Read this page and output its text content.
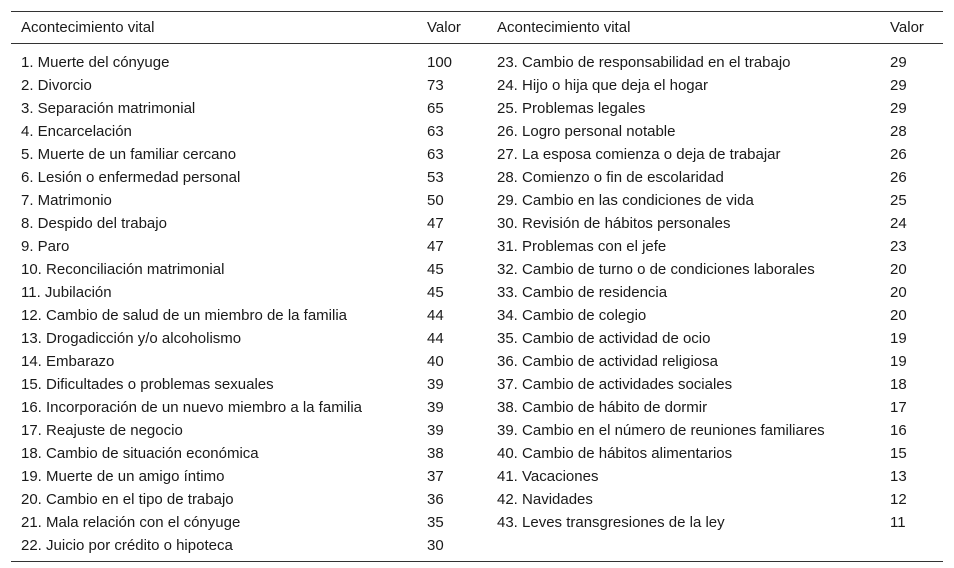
Acontecimiento vital	Valor	Acontecimiento vital	Valor
1. Muerte del cónyuge	100	23. Cambio de responsabilidad en el trabajo	29
2. Divorcio	73	24. Hijo o hija que deja el hogar	29
3. Separación matrimonial	65	25. Problemas legales	29
4. Encarcelación	63	26. Logro personal notable	28
5. Muerte de un familiar cercano	63	27. La esposa comienza o deja de trabajar	26
6. Lesión o enfermedad personal	53	28. Comienzo o fin de escolaridad	26
7. Matrimonio	50	29. Cambio en las condiciones de vida	25
8. Despido del trabajo	47	30. Revisión de hábitos personales	24
9. Paro	47	31. Problemas con el jefe	23
10. Reconciliación matrimonial	45	32. Cambio de turno o de condiciones laborales	20
11. Jubilación	45	33. Cambio de residencia	20
12. Cambio de salud de un miembro de la familia	44	34. Cambio de colegio	20
13. Drogadicción y/o alcoholismo	44	35. Cambio de actividad de ocio	19
14. Embarazo	40	36. Cambio de actividad religiosa	19
15. Dificultades o problemas sexuales	39	37. Cambio de actividades sociales	18
16. Incorporación de un nuevo miembro a la familia	39	38. Cambio de hábito de dormir	17
17. Reajuste de negocio	39	39. Cambio en el número de reuniones familiares	16
18. Cambio de situación económica	38	40. Cambio de hábitos alimentarios	15
19. Muerte de un amigo íntimo	37	41. Vacaciones	13
20. Cambio en el tipo de trabajo	36	42. Navidades	12
21. Mala relación con el cónyuge	35	43. Leves transgresiones de la ley	11
22. Juicio por crédito o hipoteca	30		
